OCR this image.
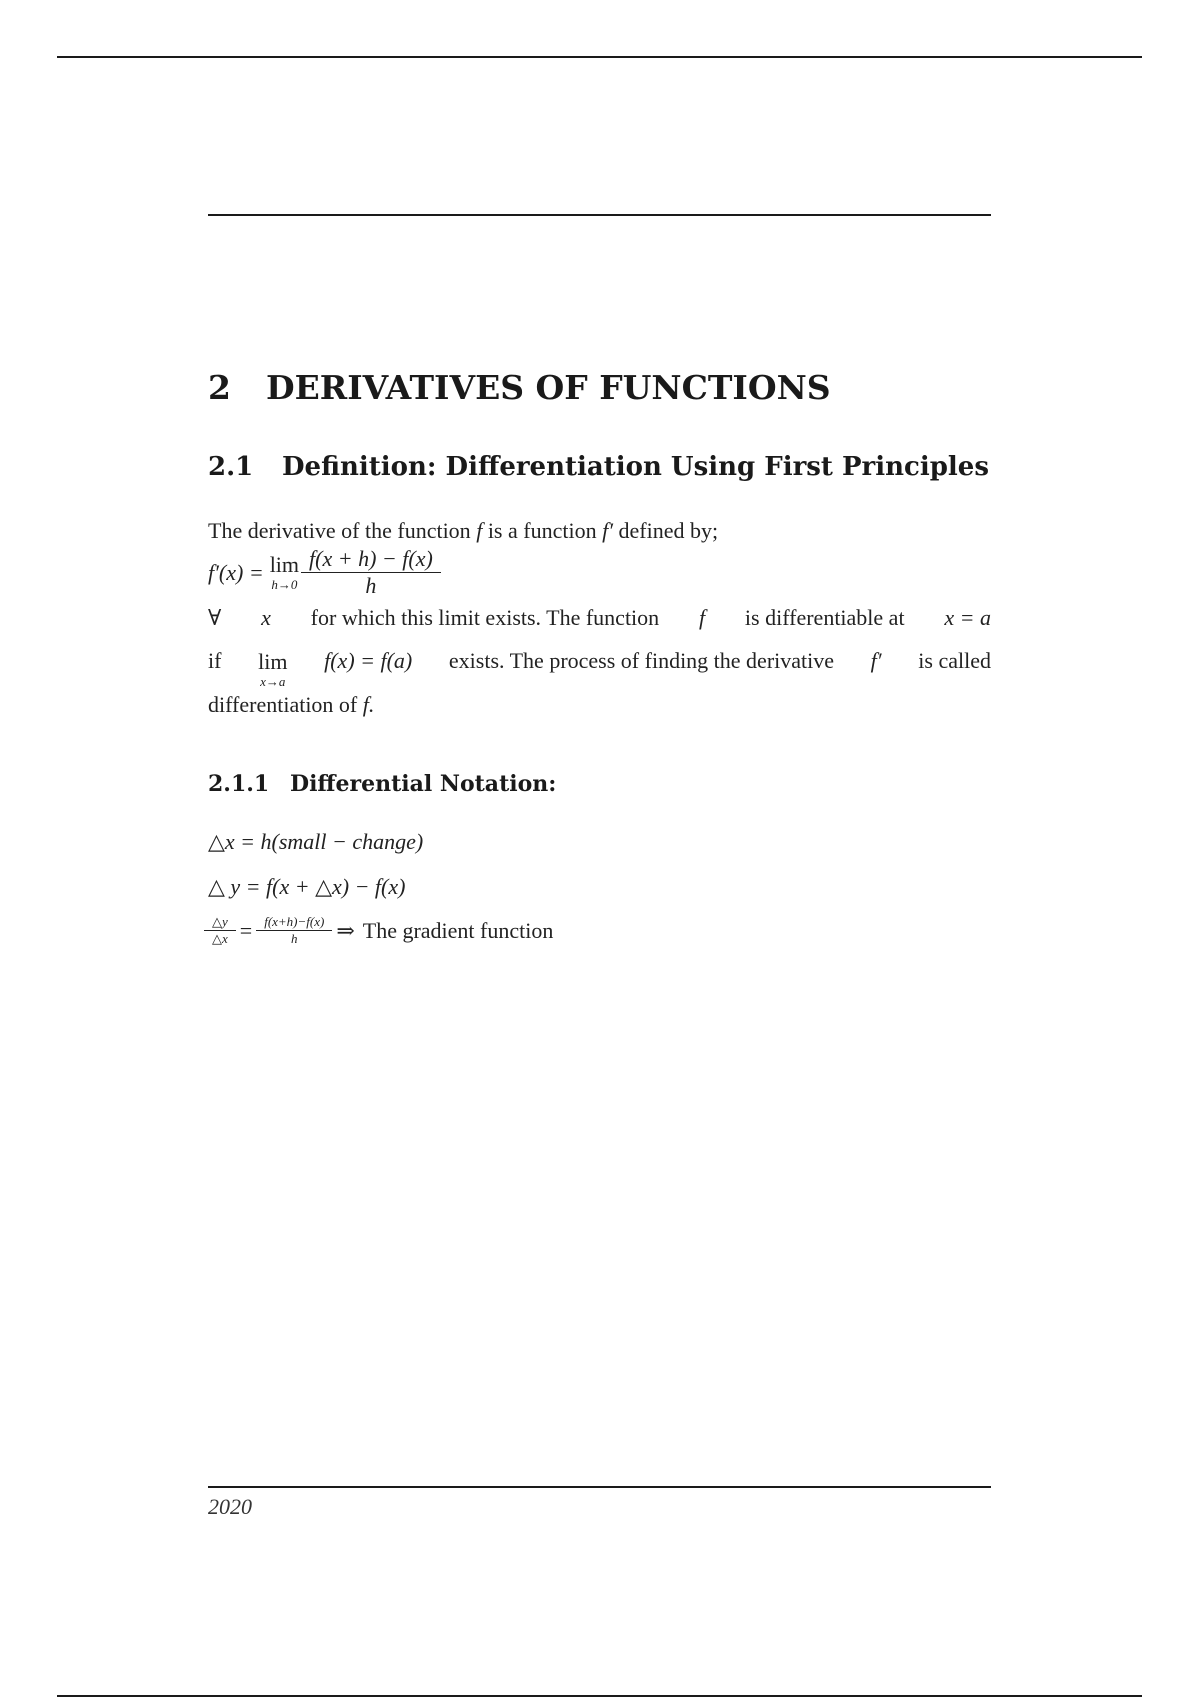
2 DERIVATIVES OF FUNCTIONS
2.1 Definition: Differentiation Using First Principles
The derivative of the function f is a function f′ defined by;
f′(x) = lim
$h\to 0 \frac{f(x + h) - f(x)}{h}$
∀ x for which this limit exists. The function f is differentiable at x = a
if lim
x→a
f(x) = f(a) exists. The process of finding the derivative f′ is called
differentiation of f.
2.1.1 Differential Notation:
△x = h(small − change)
△ y = f(x + △x) − f(x)
$\frac{\triangle y}{\triangle x} = \frac{f(x+h)-f(x)}{h}$ ⇒ The gradient function
2020
